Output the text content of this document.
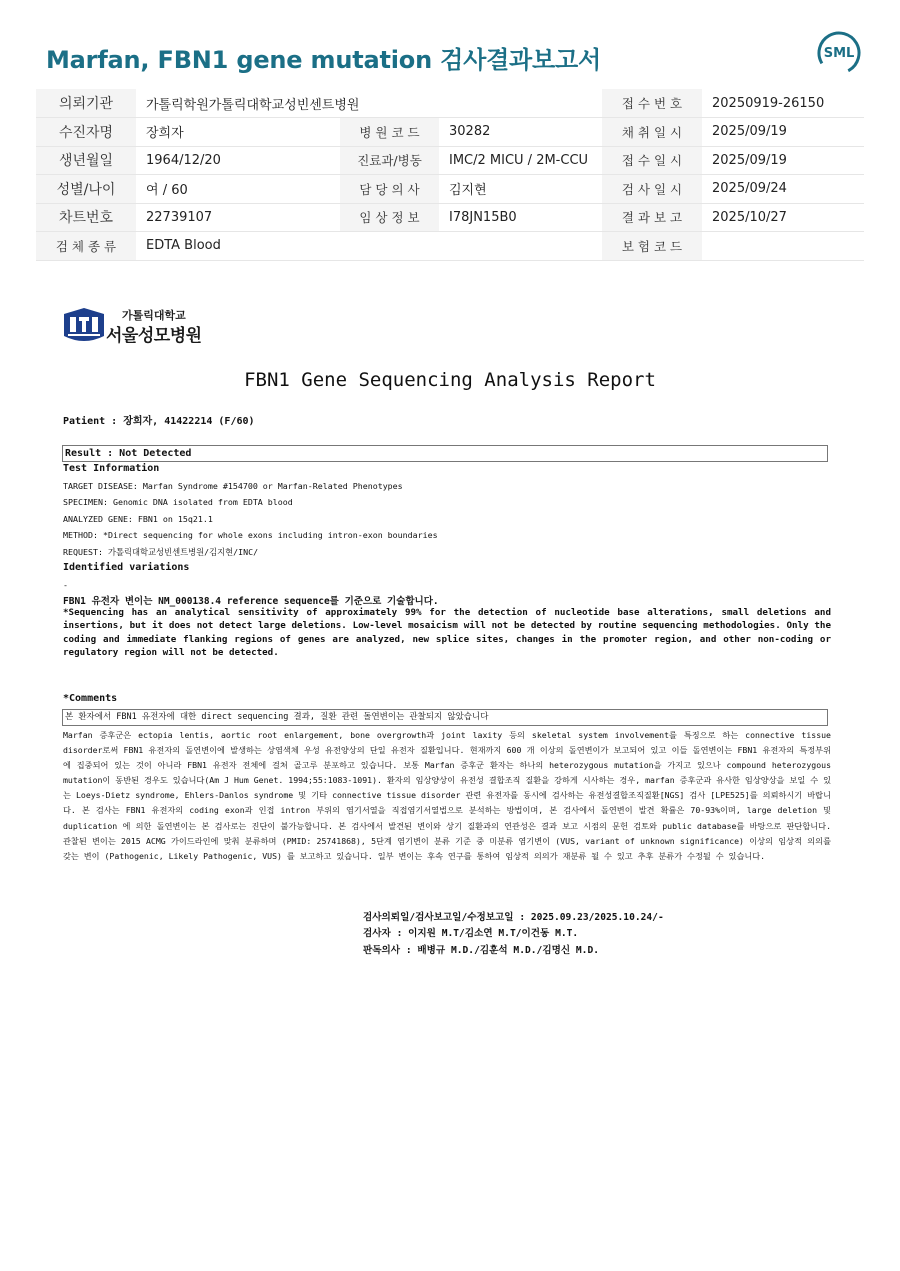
Marfan, FBN1 gene mutation 검사결과보고서	SML
의뢰기관	가톨릭학원가톨릭대학교성빈센트병원			접 수 번 호	20250919-26150
수진자명	장희자	병 원 코 드	30282	채 취 일 시	2025/09/19
생년월일	1964/12/20	진료과/병동	IMC/2 MICU / 2M-CCU	접 수 일 시	2025/09/19
성별/나이	여 / 60	담 당 의 사	김지현	검 사 일 시	2025/09/24
차트번호	22739107	임 상 정 보	I78JN15B0	결 과 보 고	2025/10/27
검 체 종 류	EDTA Blood			보 험 코 드	
가톨릭대학교
서울성모병원
FBN1 Gene Sequencing Analysis Report
Patient : 장희자, 41422214 (F/60)
Result : Not Detected
Test Information
TARGET DISEASE: Marfan Syndrome #154700 or Marfan-Related Phenotypes
SPECIMEN: Genomic DNA isolated from EDTA blood
ANALYZED GENE: FBN1 on 15q21.1
METHOD: *Direct sequencing for whole exons including intron-exon boundaries
REQUEST: 가톨릭대학교성빈센트병원/김지현/INC/
Identified variations
-
FBN1 유전자 변이는 NM_000138.4 reference sequence를 기준으로 기술합니다.
*Sequencing has an analytical sensitivity of approximately 99% for the detection of nucleotide base alterations, small deletions and insertions, but it does not detect large deletions. Low-level mosaicism will not be detected by routine sequencing methodologies. Only the coding and immediate flanking regions of genes are analyzed, new splice sites, changes in the promoter region, and other non-coding or regulatory region will not be detected.
*Comments
본 환자에서 FBN1 유전자에 대한 direct sequencing 결과, 질환 관련 돌연변이는 관찰되지 않았습니다
Marfan 증후군은 ectopia lentis, aortic root enlargement, bone overgrowth과 joint laxity 등의 skeletal system involvement를 특징으로 하는 connective tissue disorder로써 FBN1 유전자의 돌연변이에 발생하는 상염색체 우성 유전양상의 단일 유전자 질환입니다. 현재까지 600 개 이상의 돌연변이가 보고되어 있고 이들 돌연변이는 FBN1 유전자의 특정부위에 집중되어 있는 것이 아니라 FBN1 유전자 전체에 걸쳐 골고루 분포하고 있습니다. 보통 Marfan 증후군 환자는 하나의 heterozygous mutation을 가지고 있으나 compound heterozygous mutation이 동반된 경우도 있습니다(Am J Hum Genet. 1994;55:1083-1091). 환자의 임상양상이 유전성 결합조직 질환을 강하게 시사하는 경우, marfan 증후군과 유사한 임상양상을 보일 수 있는 Loeys-Dietz syndrome, Ehlers-Danlos syndrome 및 기타 connective tissue disorder 관련 유전자를 동시에 검사하는 유전성결합조직질환[NGS] 검사 [LPE525]를 의뢰하시기 바랍니다. 본 검사는 FBN1 유전자의 coding exon과 인접 intron 부위의 염기서열을 직접염기서열법으로 분석하는 방법이며, 본 검사에서 돌연변이 발견 확률은 70-93%이며, large deletion 및 duplication 에 의한 돌연변이는 본 검사로는 진단이 불가능합니다. 본 검사에서 발견된 변이와 상기 질환과의 연관성은 결과 보고 시점의 문헌 검토와 public database를 바탕으로 판단합니다. 관찰된 변이는 2015 ACMG 가이드라인에 맞춰 분류하며 (PMID: 25741868), 5단계 염기변이 분류 기준 중 미분류 염기변이 (VUS, variant of unknown significance) 이상의 임상적 의의를 갖는 변이 (Pathogenic, Likely Pathogenic, VUS) 를 보고하고 있습니다. 일부 변이는 후속 연구를 통하여 임상적 의의가 재분류 될 수 있고 추후 분류가 수정될 수 있습니다.
검사의뢰일/검사보고일/수정보고일 : 2025.09.23/2025.10.24/-
검사자 : 이지원 M.T/김소연 M.T/이건동 M.T.
판독의사 : 배병규 M.D./김훈석 M.D./김명신 M.D.
